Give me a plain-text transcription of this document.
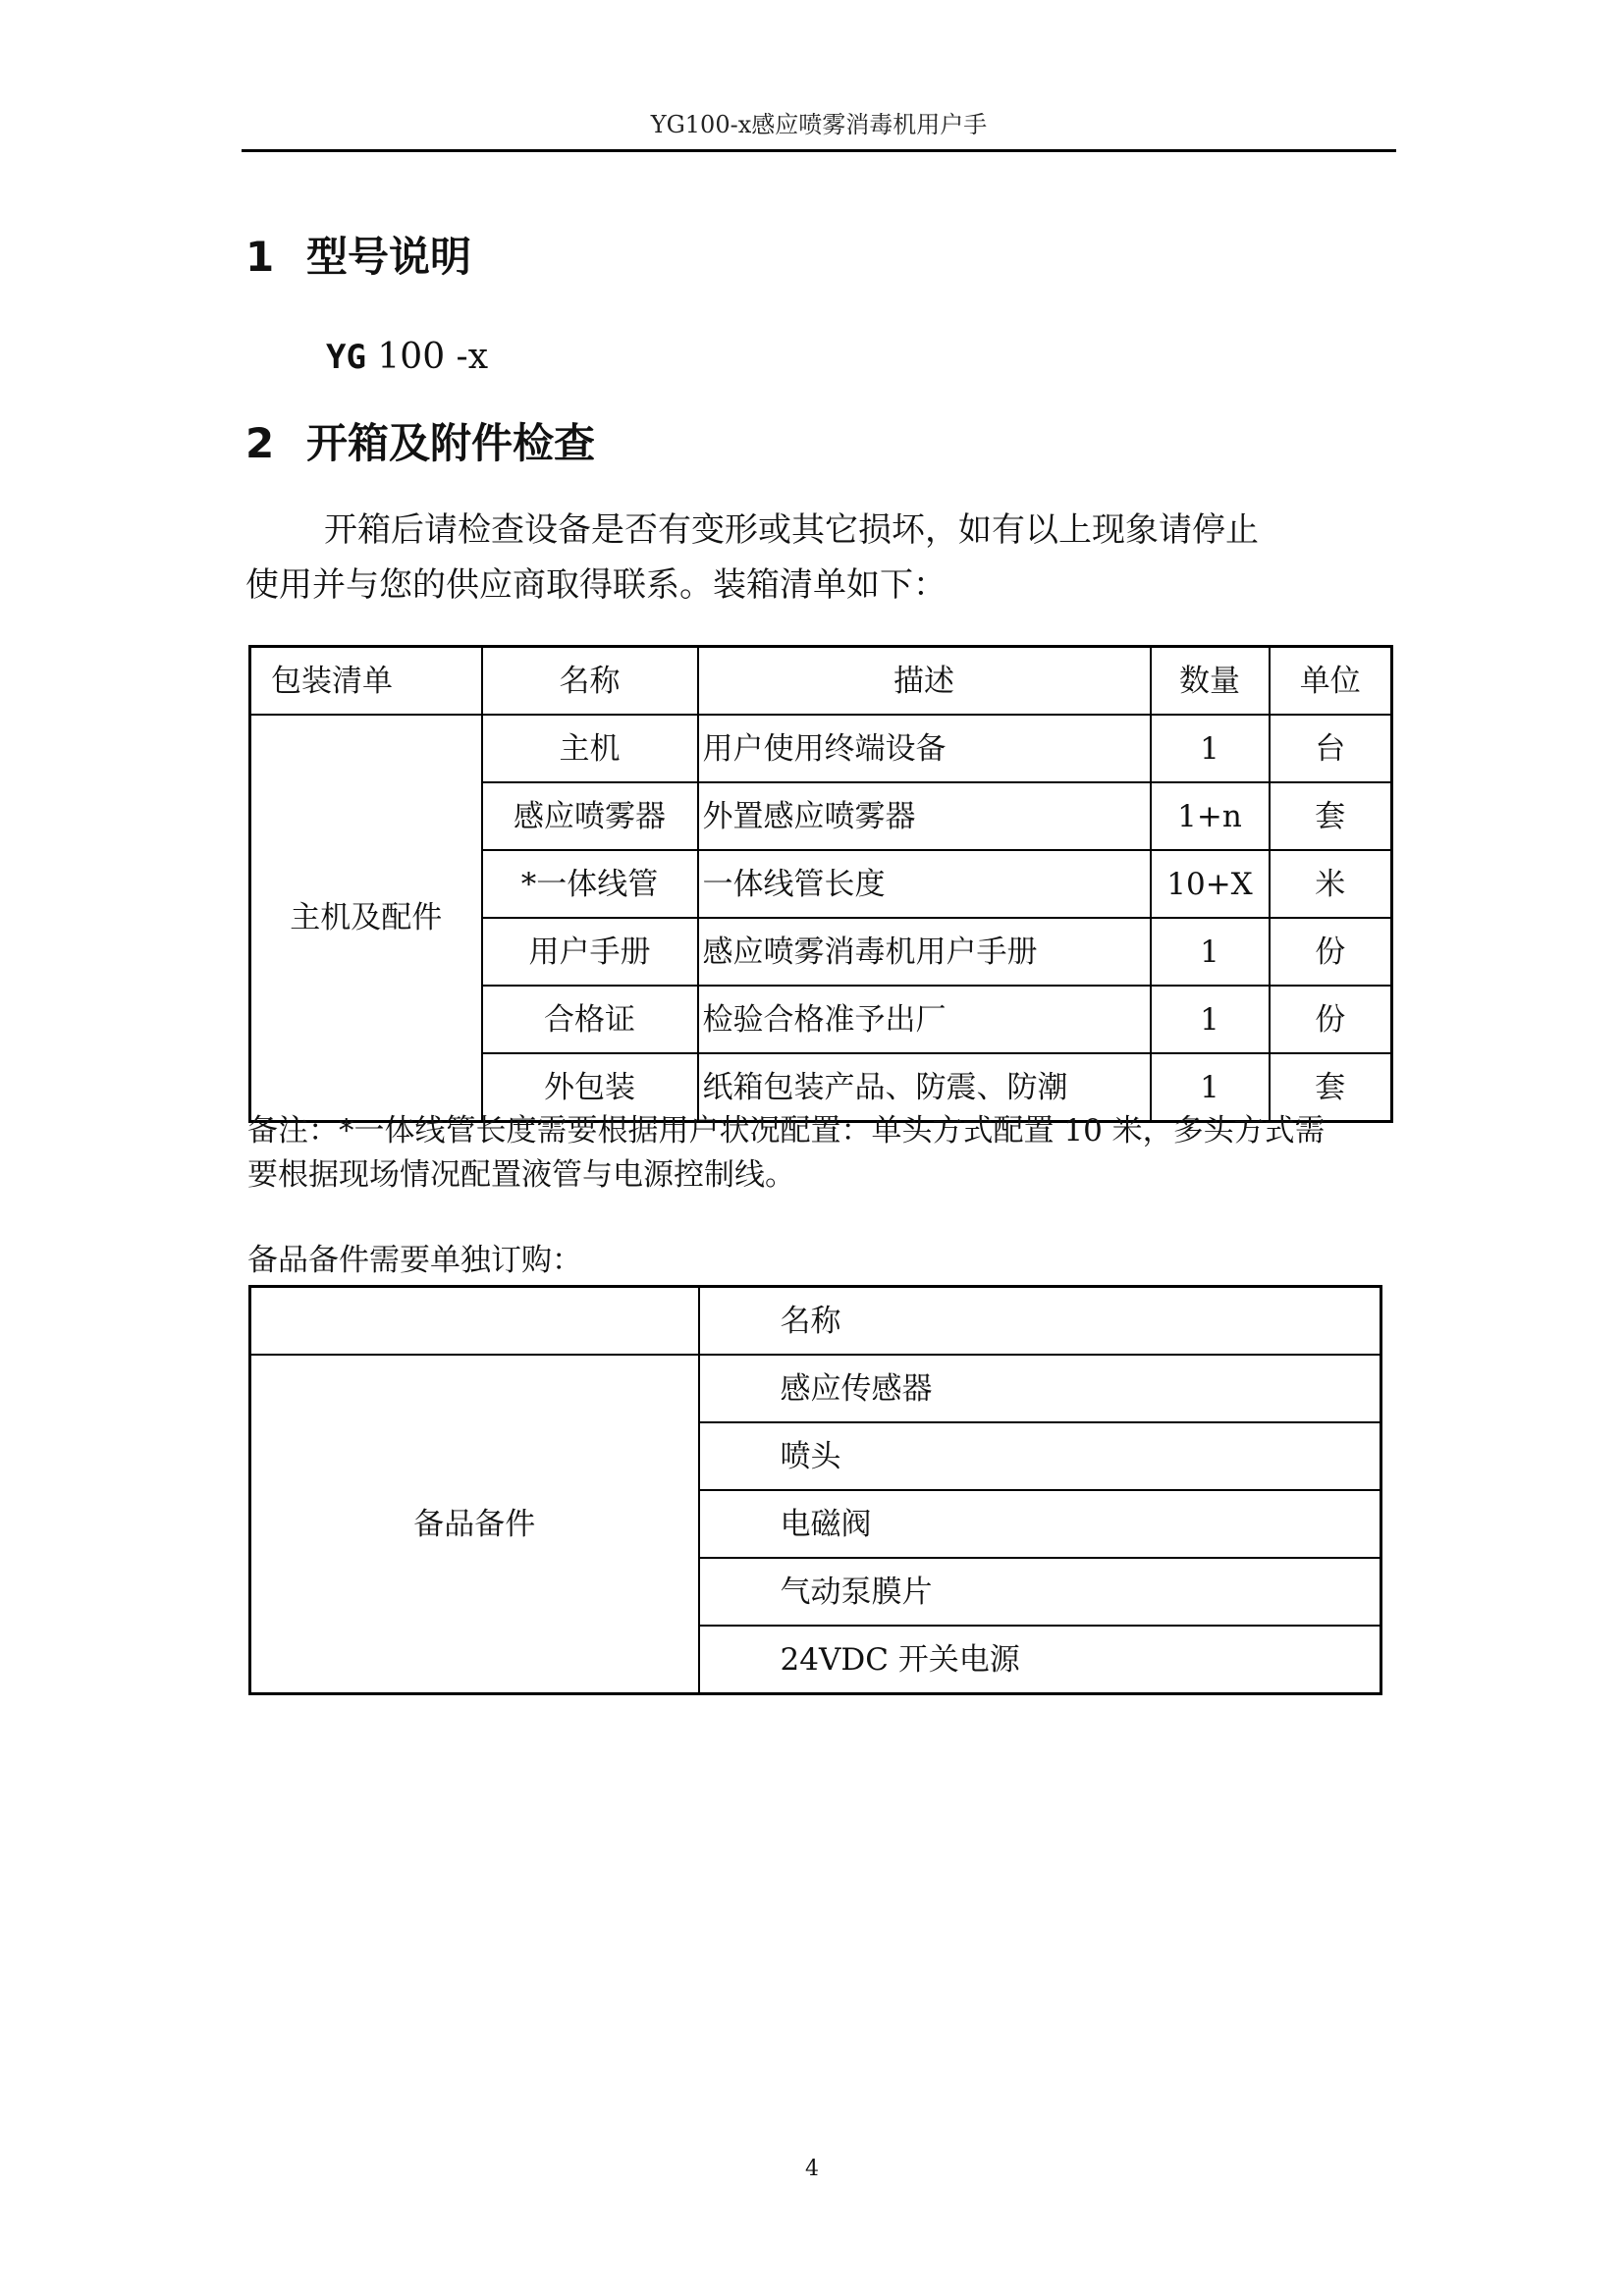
YG100-x感应喷雾消毒机用户手
1 型号说明
YG 100 -x
2 开箱及附件检查
开箱后请检查设备是否有变形或其它损坏，如有以上现象请停止
使用并与您的供应商取得联系。装箱清单如下：
包装清单	名称	描述	数量	单位
主机及配件	主机	用户使用终端设备	1	台
	感应喷雾器	外置感应喷雾器	1+n	套
	*一体线管	一体线管长度	10+X	米
	用户手册	感应喷雾消毒机用户手册	1	份
	合格证	检验合格准予出厂	1	份
	外包装	纸箱包装产品、防震、防潮	1	套
备注：*一体线管长度需要根据用户状况配置：单头方式配置 10 米，多头方式需
要根据现场情况配置液管与电源控制线。
备品备件需要单独订购：
	名称
备品备件	感应传感器
	喷头
	电磁阀
	气动泵膜片
	24VDC 开关电源
4
